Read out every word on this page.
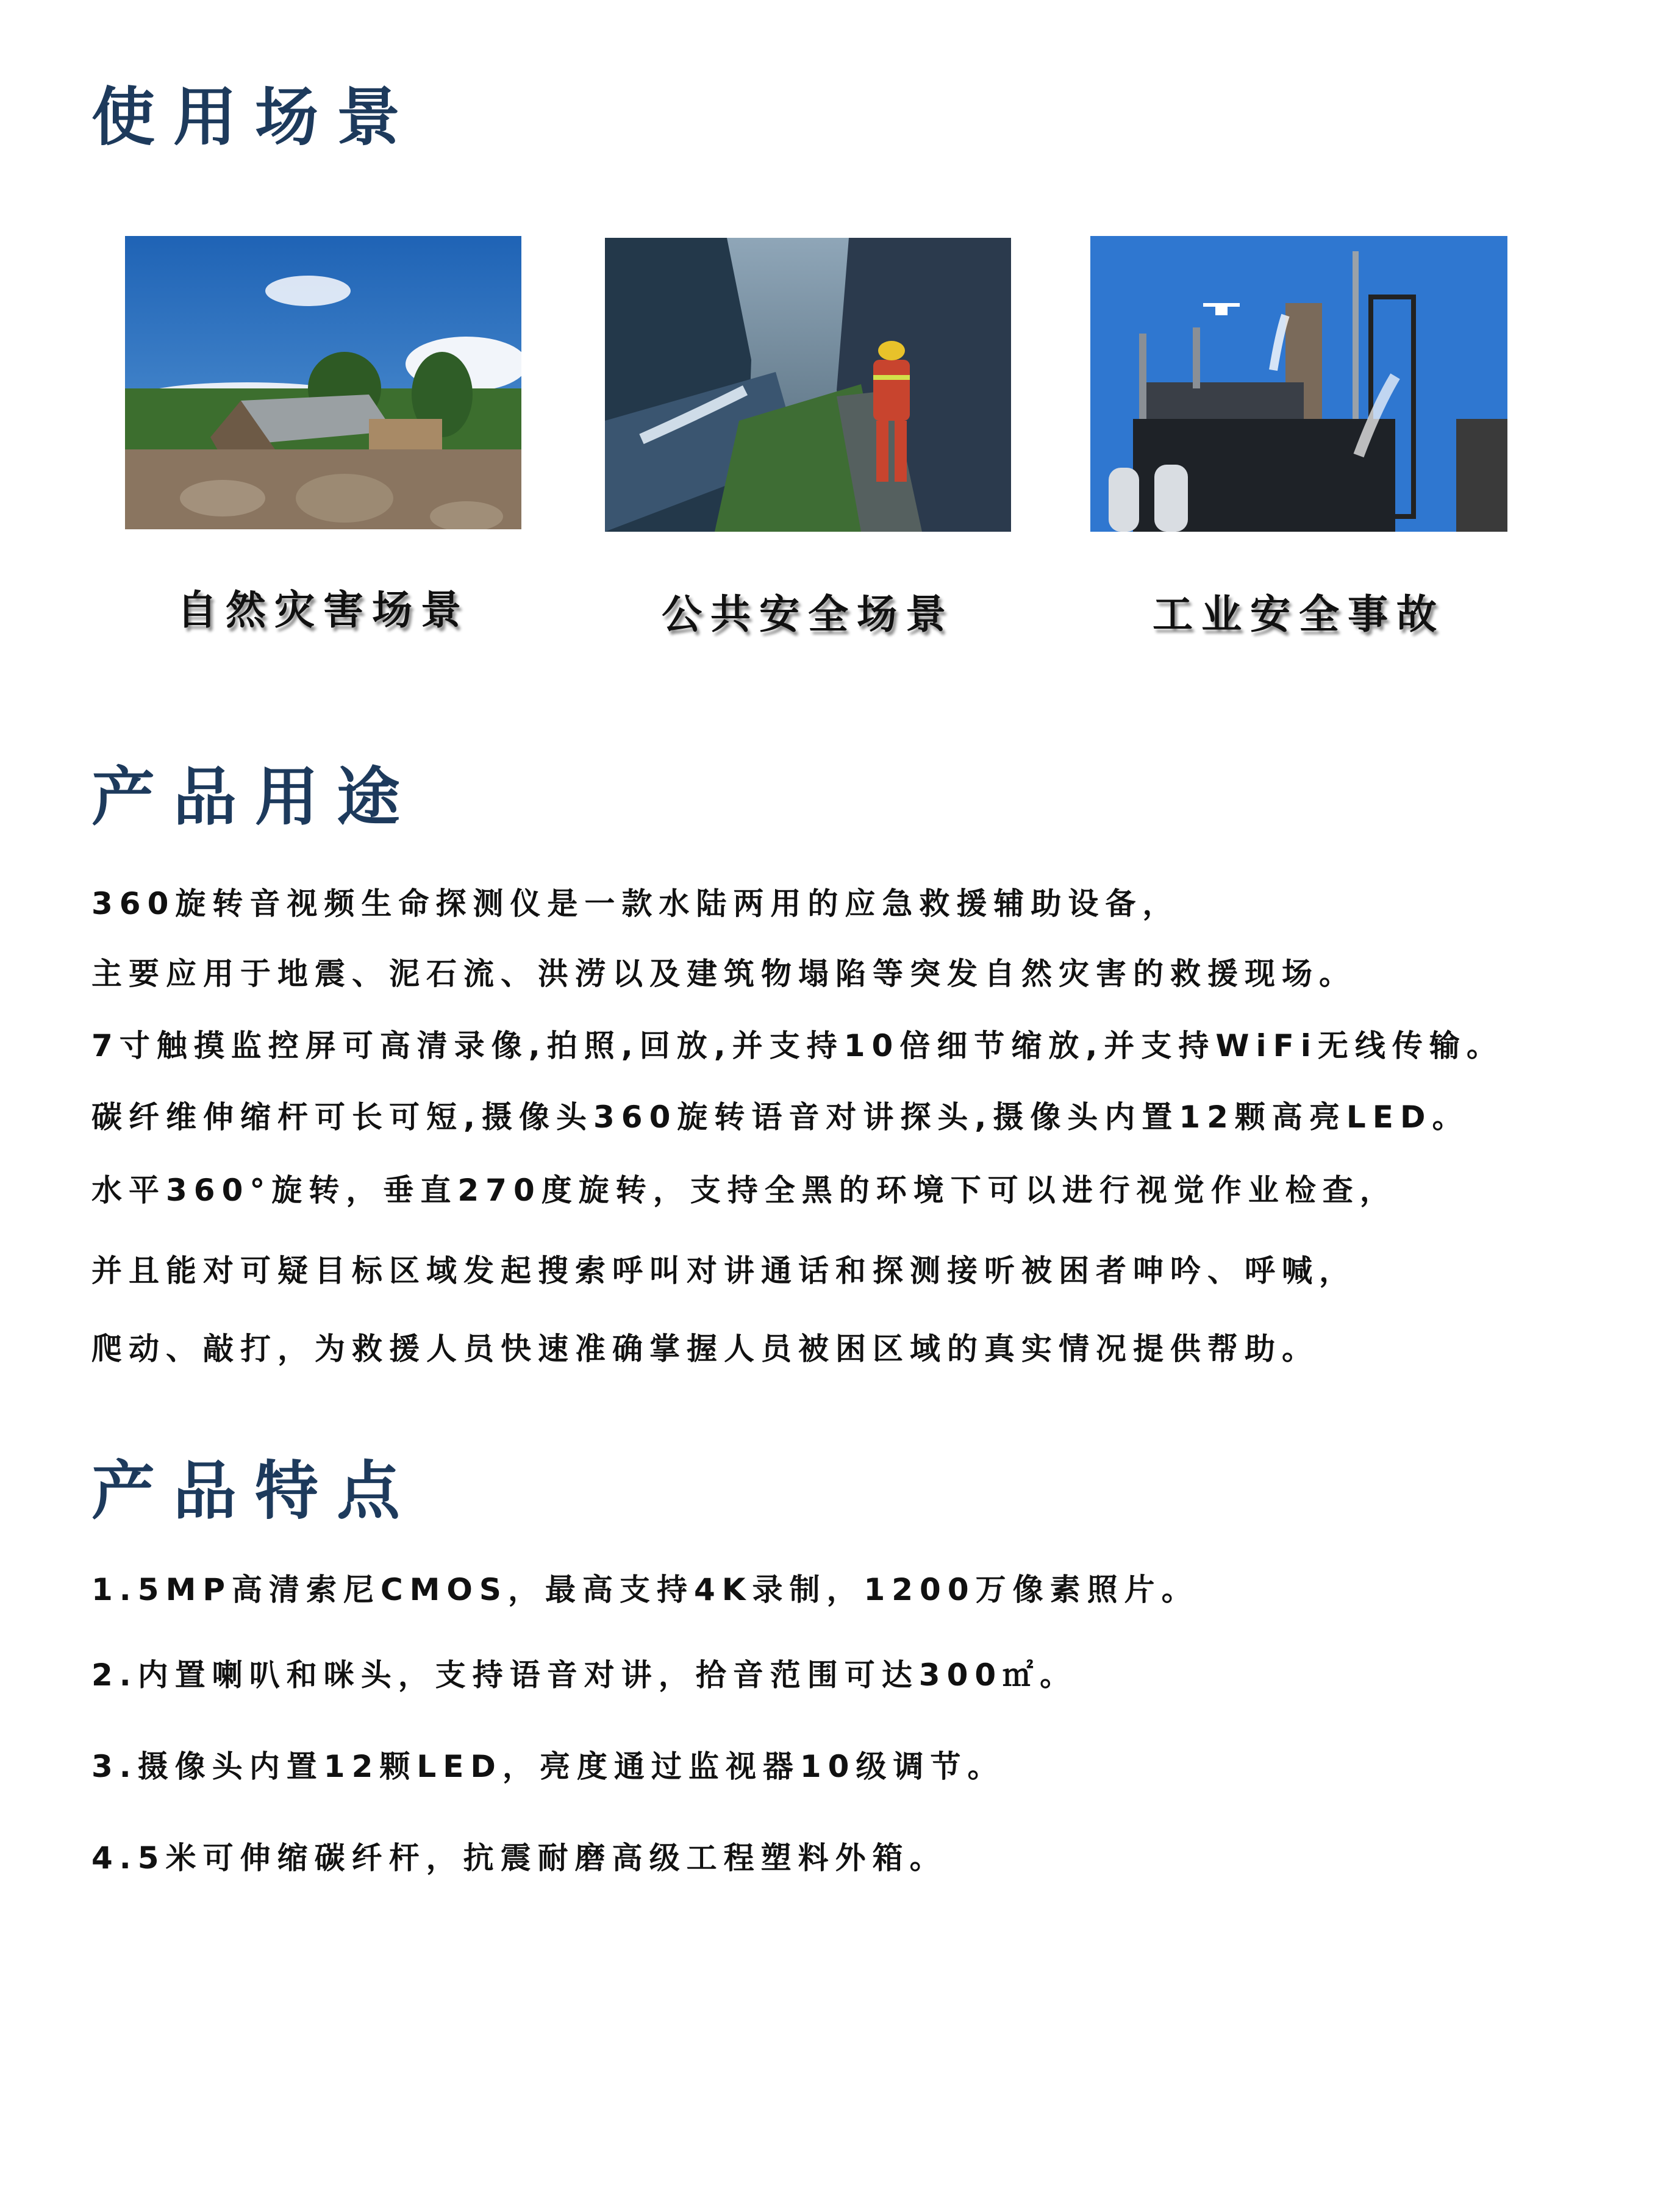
使用场景
自然灾害场景	公共安全场景	工业安全事故
产品用途

360旋转音视频生命探测仪是一款水陆两用的应急救援辅助设备，

主要应用于地震、泥石流、洪涝以及建筑物塌陷等突发自然灾害的救援现场。

7寸触摸监控屏可高清录像,拍照,回放,并支持10倍细节缩放,并支持WiFi无线传输。

碳纤维伸缩杆可长可短,摄像头360旋转语音对讲探头,摄像头内置12颗高亮LED。

水平360°旋转，垂直270度旋转，支持全黑的环境下可以进行视觉作业检查，

并且能对可疑目标区域发起搜索呼叫对讲通话和探测接听被困者呻吟、呼喊，

爬动、敲打，为救援人员快速准确掌握人员被困区域的真实情况提供帮助。

产品特点

1.5MP高清索尼CMOS，最高支持4K录制，1200万像素照片。

2.内置喇叭和咪头，支持语音对讲，拾音范围可达300㎡。

3.摄像头内置12颗LED，亮度通过监视器10级调节。

4.5米可伸缩碳纤杆，抗震耐磨高级工程塑料外箱。
